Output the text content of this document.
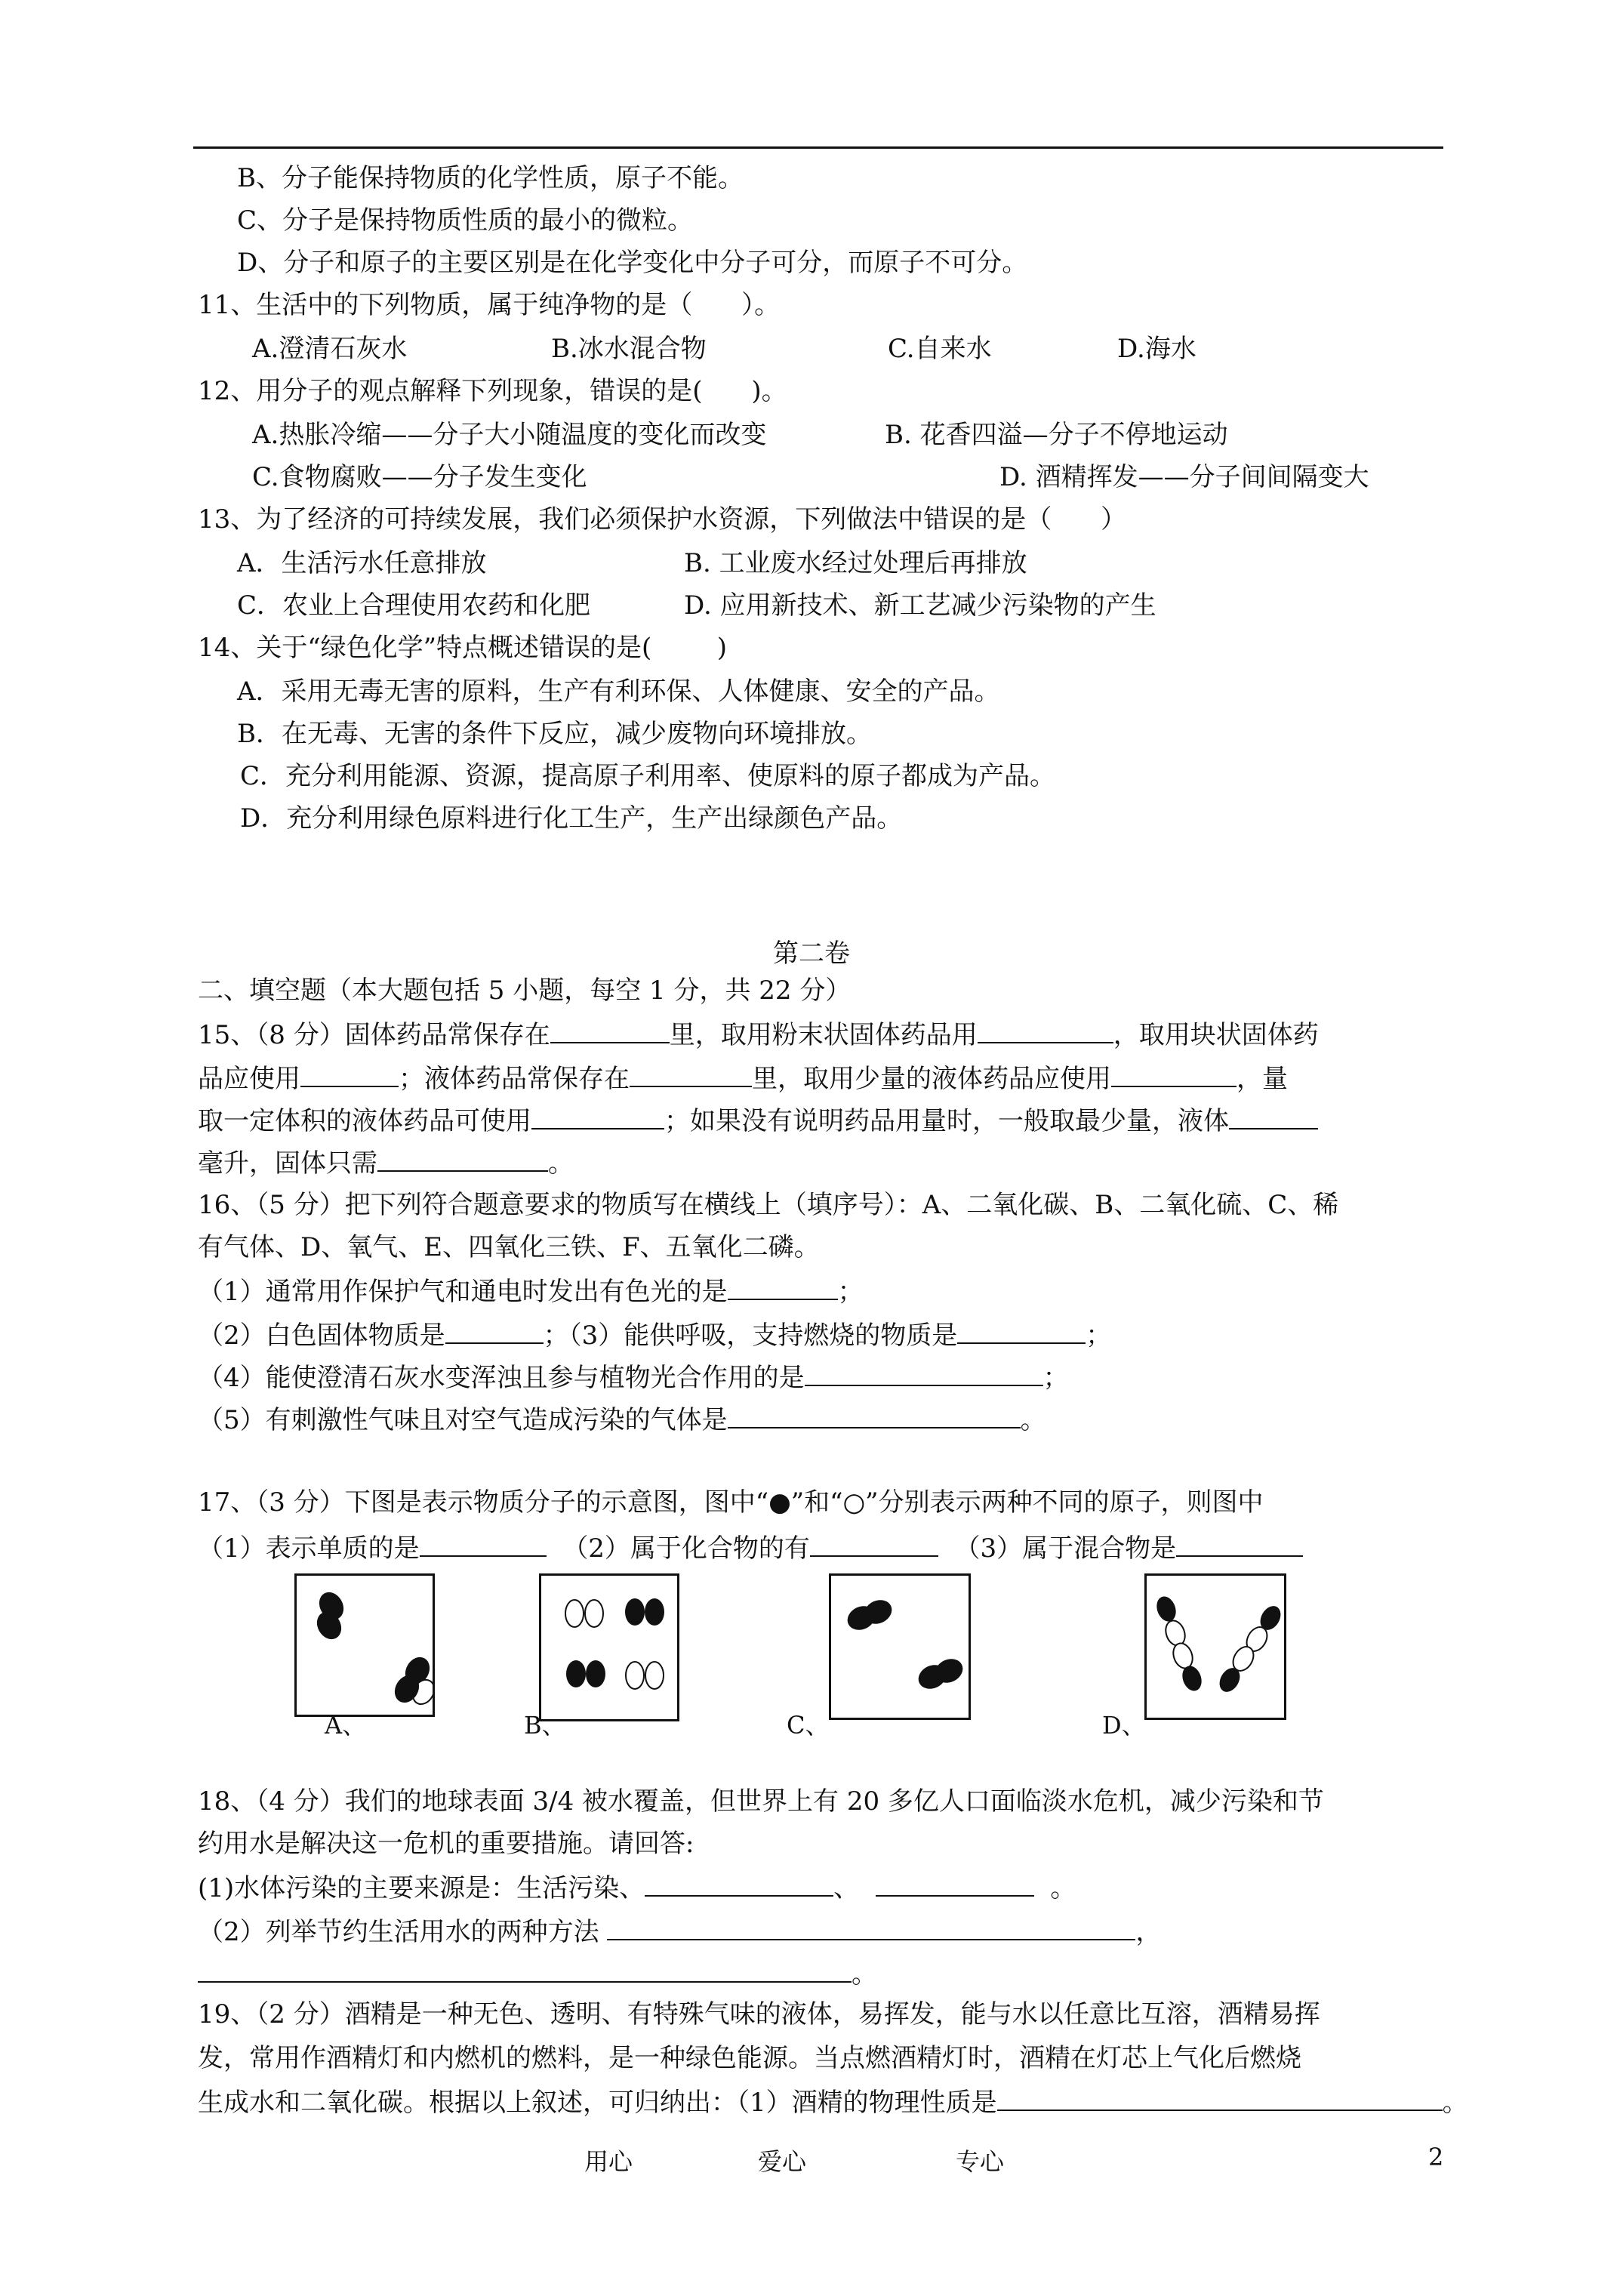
B、分子能保持物质的化学性质，原子不能。
C、分子是保持物质性质的最小的微粒。
D、分子和原子的主要区别是在化学变化中分子可分，而原子不可分。
11、生活中的下列物质，属于纯净物的是（      ）。
A.澄清石灰水	B.冰水混合物	C.自来水	D.海水
12、用分子的观点解释下列现象，错误的是(      )。
A.热胀冷缩——分子大小随温度的变化而改变	B. 花香四溢—分子不停地运动
C.食物腐败——分子发生变化	D. 酒精挥发——分子间间隔变大
13、为了经济的可持续发展，我们必须保护水资源，下列做法中错误的是（      ）
A．生活污水任意排放	B. 工业废水经过处理后再排放
C．农业上合理使用农药和化肥	D. 应用新技术、新工艺减少污染物的产生
14、关于“绿色化学”特点概述错误的是(        )
A．采用无毒无害的原料，生产有利环保、人体健康、安全的产品。
B．在无毒、无害的条件下反应，减少废物向环境排放。
C．充分利用能源、资源，提高原子利用率、使原料的原子都成为产品。
D．充分利用绿色原料进行化工生产，生产出绿颜色产品。
第二卷
二、填空题（本大题包括 5 小题，每空 1 分，共 22 分）
15、（8 分）固体药品常保存在	里，取用粉末状固体药品用	，取用块状固体药
品应使用	；液体药品常保存在	里，取用少量的液体药品应使用	，量
取一定体积的液体药品可使用	；如果没有说明药品用量时，一般取最少量，液体
毫升，固体只需	。
16、（5 分）把下列符合题意要求的物质写在横线上（填序号）：A、二氧化碳、B、二氧化硫、C、稀
有气体、D、氧气、E、四氧化三铁、F、五氧化二磷。
（1）通常用作保护气和通电时发出有色光的是	；
（2）白色固体物质是	；（3）能供呼吸，支持燃烧的物质是	；
（4）能使澄清石灰水变浑浊且参与植物光合作用的是	；
（5）有刺激性气味且对空气造成污染的气体是	。
17、（3 分）下图是表示物质分子的示意图，图中“●”和“○”分别表示两种不同的原子，则图中
（1）表示单质的是	（2）属于化合物的有	（3）属于混合物是
A、	B、	C、	D、
18、（4 分）我们的地球表面 3/4 被水覆盖，但世界上有 20 多亿人口面临淡水危机，减少污染和节
约用水是解决这一危机的重要措施。请回答:
(1)水体污染的主要来源是：生活污染、	、	。
（2）列举节约生活用水的两种方法	，
。
19、（2 分）酒精是一种无色、透明、有特殊气味的液体，易挥发，能与水以任意比互溶，酒精易挥
发，常用作酒精灯和内燃机的燃料，是一种绿色能源。当点燃酒精灯时，酒精在灯芯上气化后燃烧
生成水和二氧化碳。根据以上叙述，可归纳出：（1）酒精的物理性质是	。
用心	爱心	专心	2
